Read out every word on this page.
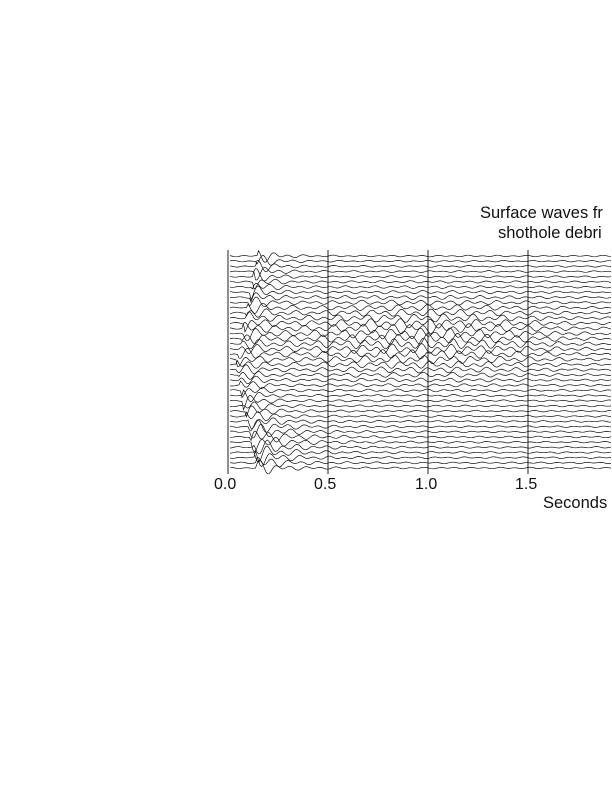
Surface waves fr
shothole debri
0.0	0.5	1.0	1.5
Seconds
